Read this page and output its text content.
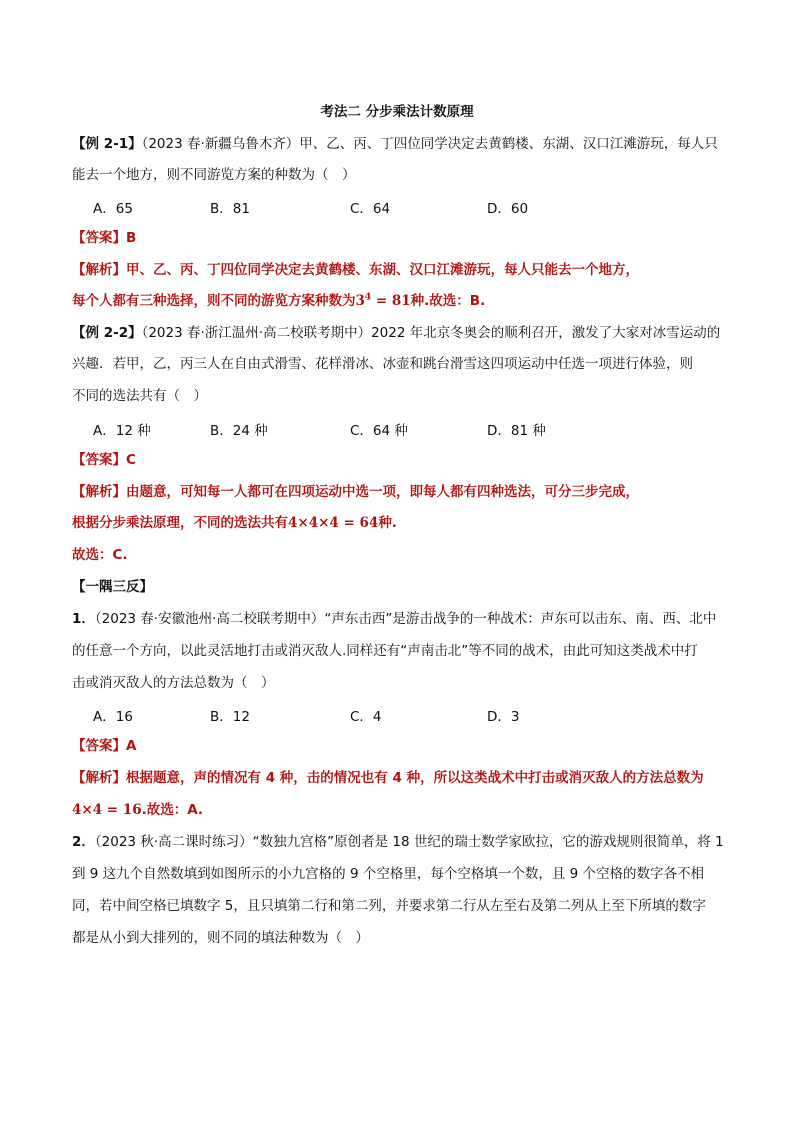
考法二 分步乘法计数原理
【例 2-1】（2023 春·新疆乌鲁木齐）甲、乙、丙、丁四位同学决定去黄鹤楼、东湖、汉口江滩游玩，每人只
能去一个地方，则不同游览方案的种数为（　）
A．65	B．81	C．64	D．60
【答案】B
【解析】甲、乙、丙、丁四位同学决定去黄鹤楼、东湖、汉口江滩游玩，每人只能去一个地方，
每个人都有三种选择，则不同的游览方案种数为$3^4 = 81$种.故选：B.
【例 2-2】（2023 春·浙江温州·高二校联考期中）2022 年北京冬奥会的顺利召开，激发了大家对冰雪运动的
兴趣．若甲，乙，丙三人在自由式滑雪、花样滑冰、冰壶和跳台滑雪这四项运动中任选一项进行体验，则
不同的选法共有（　）
A．12 种	B．24 种	C．64 种	D．81 种
【答案】C
【解析】由题意，可知每一人都可在四项运动中选一项，即每人都有四种选法，可分三步完成，
根据分步乘法原理，不同的选法共有4×4×4 = 64种.
故选：C.
【一隅三反】
1．（2023 春·安徽池州·高二校联考期中）“声东击西”是游击战争的一种战术：声东可以击东、南、西、北中
的任意一个方向，以此灵活地打击或消灭敌人.同样还有“声南击北”等不同的战术，由此可知这类战术中打
击或消灭敌人的方法总数为（　）
A．16	B．12	C．4	D．3
【答案】A
【解析】根据题意，声的情况有 4 种，击的情况也有 4 种，所以这类战术中打击或消灭敌人的方法总数为
4×4 = 16.故选：A.
2．（2023 秋·高二课时练习）“数独九宫格”原创者是 18 世纪的瑞士数学家欧拉，它的游戏规则很简单，将 1
到 9 这九个自然数填到如图所示的小九宫格的 9 个空格里，每个空格填一个数，且 9 个空格的数字各不相
同，若中间空格已填数字 5，且只填第二行和第二列，并要求第二行从左至右及第二列从上至下所填的数字
都是从小到大排列的，则不同的填法种数为（　）
